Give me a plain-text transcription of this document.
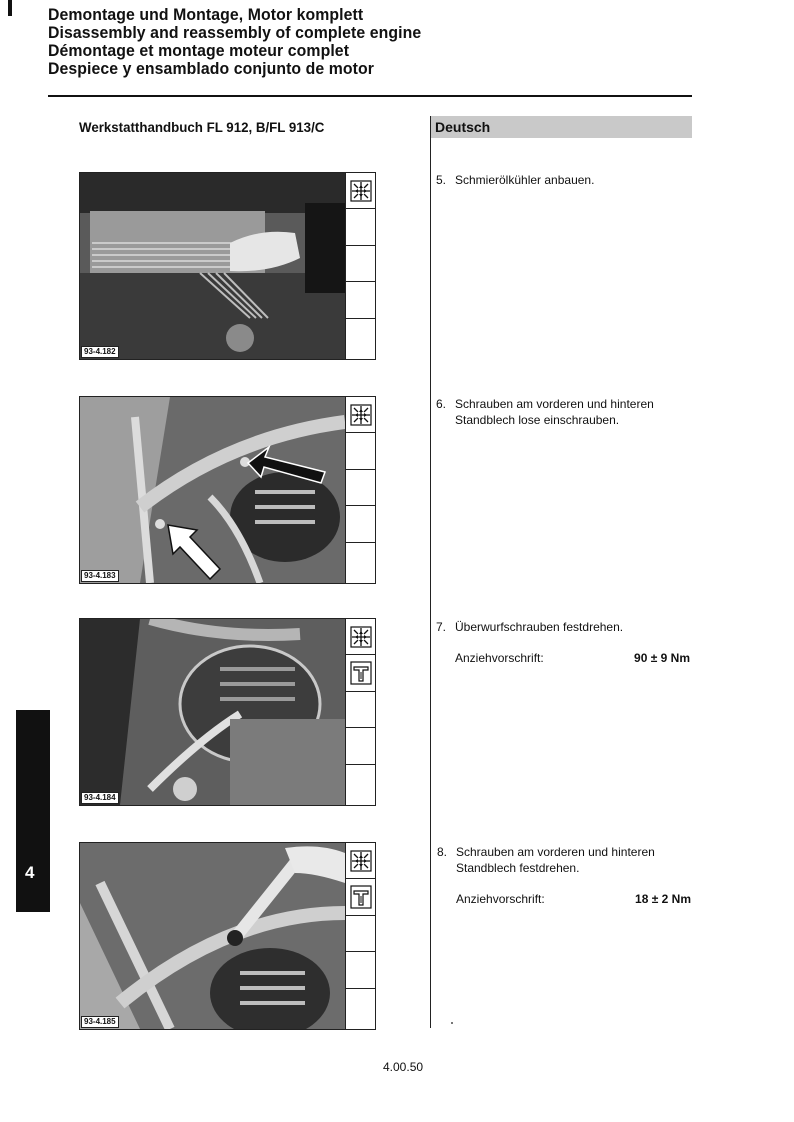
Demontage und Montage, Motor komplett
Disassembly and reassembly of complete engine
Démontage et montage moteur complet
Despiece y ensamblado conjunto de motor
Werkstatthandbuch FL 912, B/FL 913/C	Deutsch
93-4.182
93-4.183
93-4.184
93-4.185
5. Schmierölkühler anbauen.
6. Schrauben am vorderen und hinteren Standblech lose einschrauben.
7. Überwurfschrauben festdrehen.
Anziehvorschrift:	90 ± 9 Nm
8. Schrauben am vorderen und hinteren Standblech festdrehen.
Anziehvorschrift:	18 ± 2 Nm
4
4.00.50
